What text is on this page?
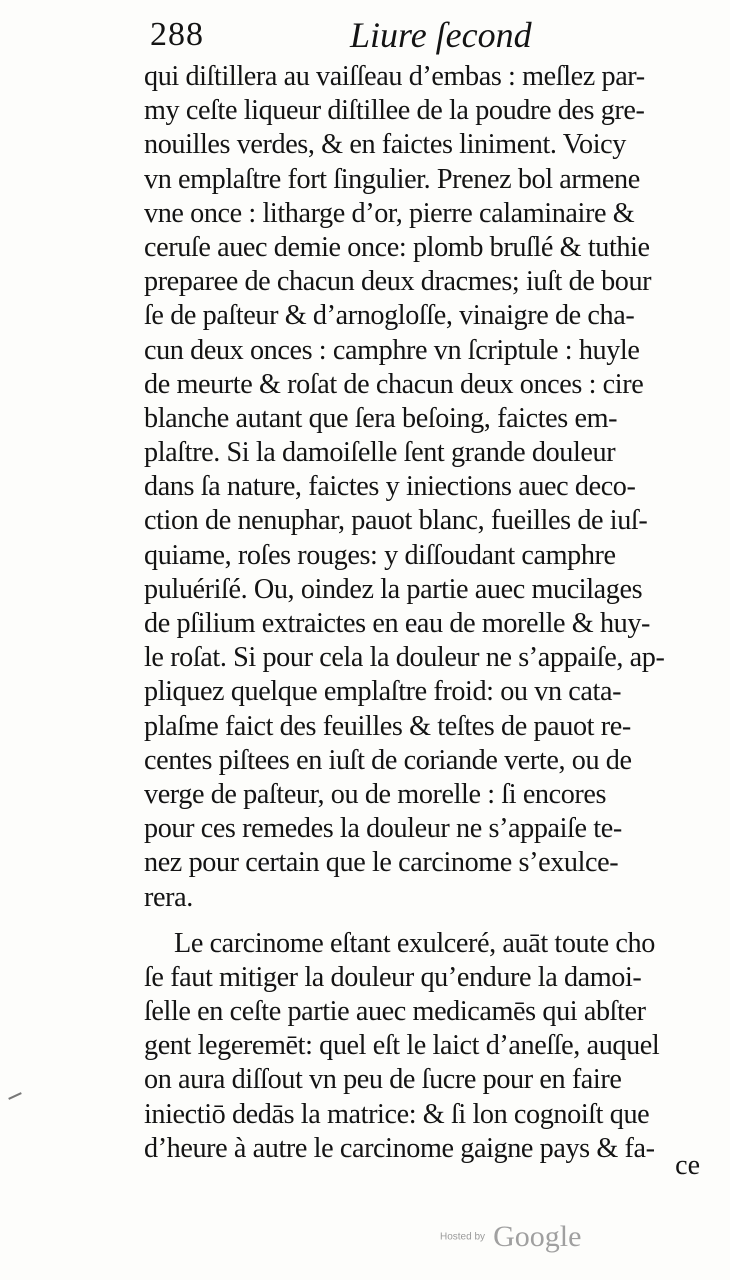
288	Liure ſecond
qui diſtillera au vaiſſeau d’embas : meſlez par-
my ceſte liqueur diſtillee de la poudre des gre-
nouilles verdes, & en faictes liniment. Voicy
vn emplaſtre fort ſingulier. Prenez bol armene
vne once : litharge d’or, pierre calaminaire &
ceruſe auec demie once: plomb bruſlé & tuthie
preparee de chacun deux dracmes; iuſt de bour
ſe de paſteur & d’arnogloſſe, vinaigre de cha-
cun deux onces : camphre vn ſcriptule : huyle
de meurte & roſat de chacun deux onces : cire
blanche autant que ſera beſoing, faictes em-
plaſtre. Si la damoiſelle ſent grande douleur
dans ſa nature, faictes y iniections auec deco-
ction de nenuphar, pauot blanc, fueilles de iuſ-
quiame, roſes rouges: y diſſoudant camphre
puluériſé. Ou, oindez la partie auec mucilages
de pſilium extraictes en eau de morelle & huy-
le roſat. Si pour cela la douleur ne s’appaiſe, ap-
pliquez quelque emplaſtre froid: ou vn cata-
plaſme faict des feuilles & teſtes de pauot re-
centes piſtees en iuſt de coriande verte, ou de
verge de paſteur, ou de morelle : ſi encores
pour ces remedes la douleur ne s’appaiſe te-
nez pour certain que le carcinome s’exulce-
rera.
Le carcinome eſtant exulceré, auāt toute cho
ſe faut mitiger la douleur qu’endure la damoi-
ſelle en ceſte partie auec medicamēs qui abſter
gent legeremēt: quel eſt le laict d’aneſſe, auquel
on aura diſſout vn peu de ſucre pour en faire
iniectiō dedās la matrice: & ſi lon cognoiſt que
d’heure à autre le carcinome gaigne pays & fa-
ce
Hosted by Google
